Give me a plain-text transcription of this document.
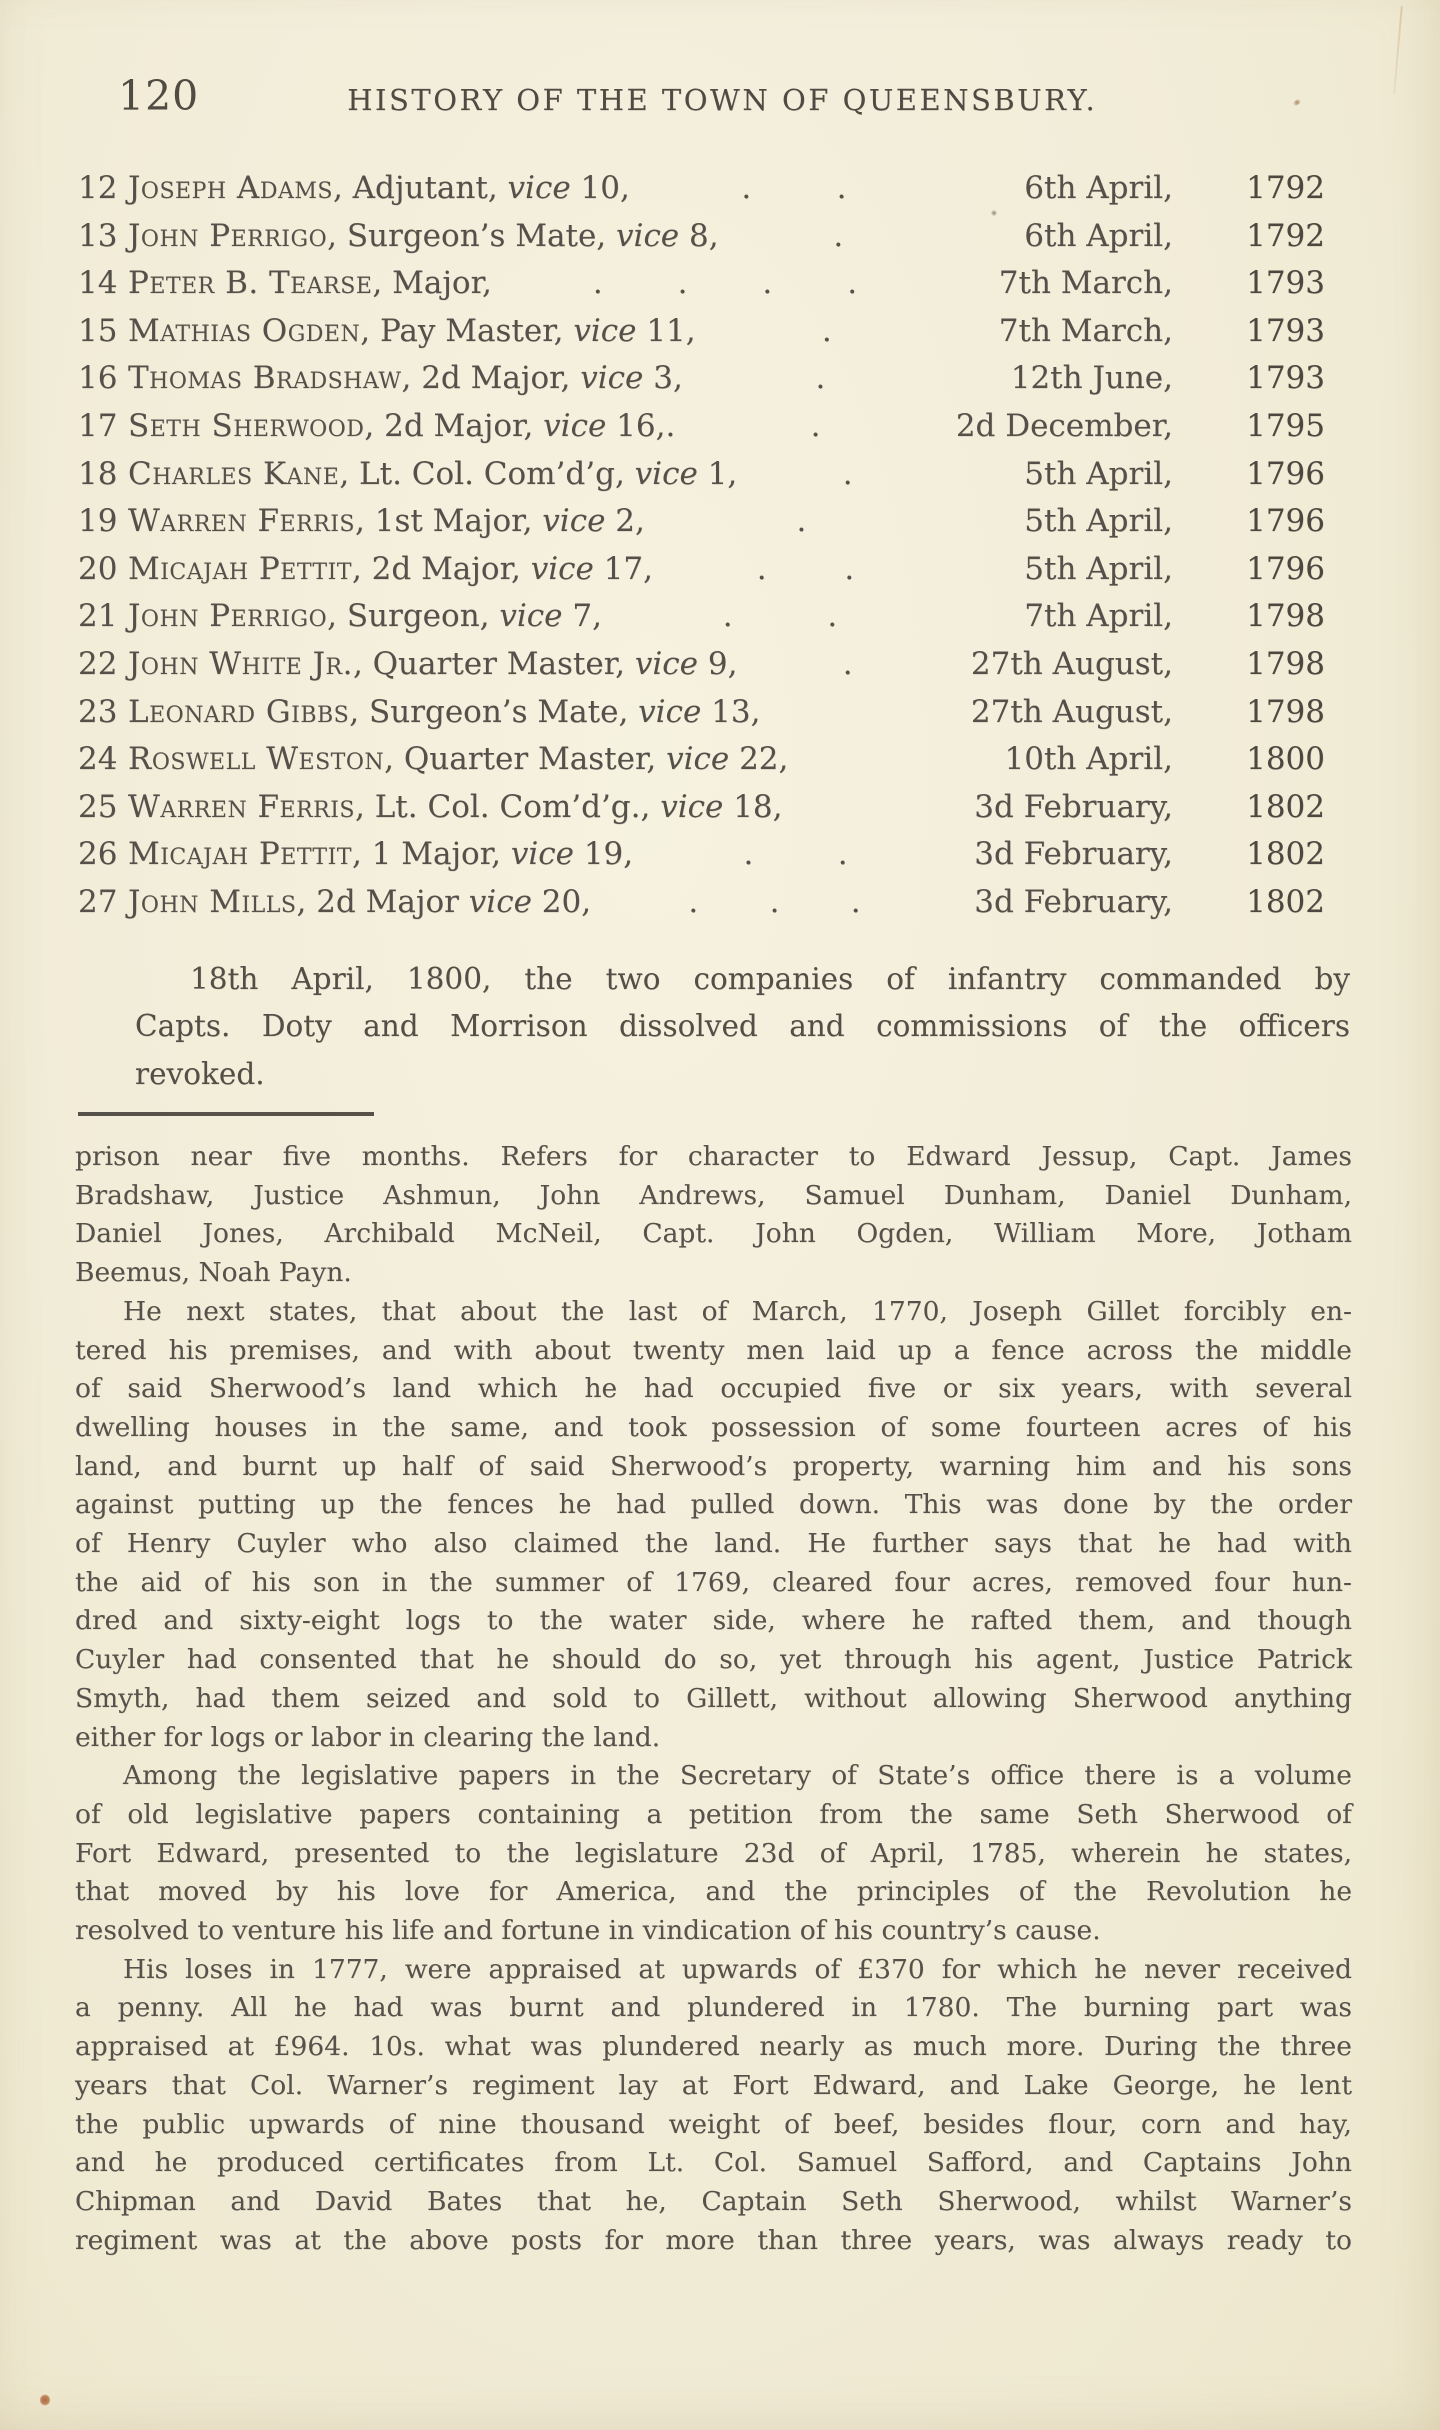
120	HISTORY OF THE TOWN OF QUEENSBURY.
12 Joseph Adams, Adjutant, vice 10,	.	.	6th April,	1792
13 John Perrigo, Surgeon’s Mate, vice 8,	.	6th April,	1792
14 Peter B. Tearse, Major,	. . . .	7th March,	1793
15 Mathias Ogden, Pay Master, vice 11,	.	7th March,	1793
16 Thomas Bradshaw, 2d Major, vice 3,	.	12th June,	1793
17 Seth Sherwood, 2d Major, vice 16,.	.	2d December,	1795
18 Charles Kane, Lt. Col. Com’d’g, vice 1,	.	5th April,	1796
19 Warren Ferris, 1st Major, vice 2,	.	5th April,	1796
20 Micajah Pettit, 2d Major, vice 17,	.	.	5th April,	1796
21 John Perrigo, Surgeon, vice 7,	.	.	7th April,	1798
22 John White Jr., Quarter Master, vice 9,	.	27th August,	1798
23 Leonard Gibbs, Surgeon’s Mate, vice 13,	27th August,	1798
24 Roswell Weston, Quarter Master, vice 22,	10th April,	1800
25 Warren Ferris, Lt. Col. Com’d’g., vice 18,	3d February,	1802
26 Micajah Pettit, 1 Major, vice 19,	.	.	3d February,	1802
27 John Mills, 2d Major vice 20,	. . .	3d February,	1802
18th April, 1800, the two companies of infantry commanded by
Capts. Doty and Morrison dissolved and commissions of the officers
revoked.
prison near five months. Refers for character to Edward Jessup, Capt. James
Bradshaw, Justice Ashmun, John Andrews, Samuel Dunham, Daniel Dunham,
Daniel Jones, Archibald McNeil, Capt. John Ogden, William More, Jotham
Beemus, Noah Payn.
He next states, that about the last of March, 1770, Joseph Gillet forcibly en-
tered his premises, and with about twenty men laid up a fence across the middle
of said Sherwood’s land which he had occupied five or six years, with several
dwelling houses in the same, and took possession of some fourteen acres of his
land, and burnt up half of said Sherwood’s property, warning him and his sons
against putting up the fences he had pulled down. This was done by the order
of Henry Cuyler who also claimed the land. He further says that he had with
the aid of his son in the summer of 1769, cleared four acres, removed four hun-
dred and sixty-eight logs to the water side, where he rafted them, and though
Cuyler had consented that he should do so, yet through his agent, Justice Patrick
Smyth, had them seized and sold to Gillett, without allowing Sherwood anything
either for logs or labor in clearing the land.
Among the legislative papers in the Secretary of State’s office there is a volume
of old legislative papers containing a petition from the same Seth Sherwood of
Fort Edward, presented to the legislature 23d of April, 1785, wherein he states,
that moved by his love for America, and the principles of the Revolution he
resolved to venture his life and fortune in vindication of his country’s cause.
His loses in 1777, were appraised at upwards of £370 for which he never received
a penny. All he had was burnt and plundered in 1780. The burning part was
appraised at £964. 10s. what was plundered nearly as much more. During the three
years that Col. Warner’s regiment lay at Fort Edward, and Lake George, he lent
the public upwards of nine thousand weight of beef, besides flour, corn and hay,
and he produced certificates from Lt. Col. Samuel Safford, and Captains John
Chipman and David Bates that he, Captain Seth Sherwood, whilst Warner’s
regiment was at the above posts for more than three years, was always ready to
